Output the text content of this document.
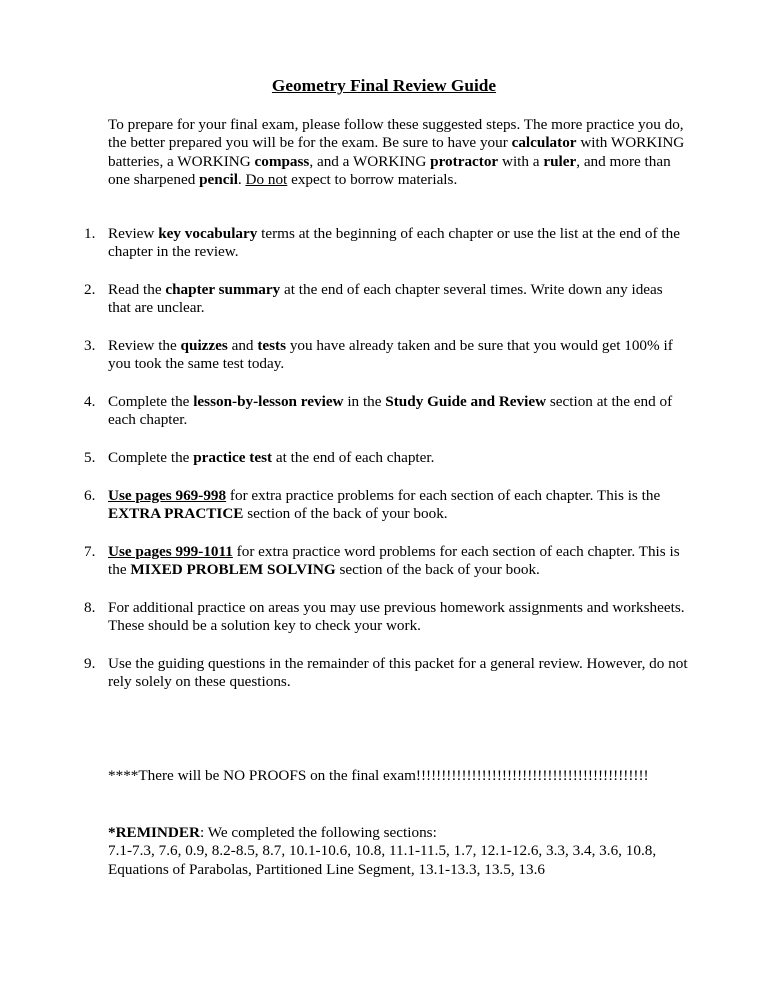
Geometry Final Review Guide

To prepare for your final exam, please follow these suggested steps. The more practice you do, the better prepared you will be for the exam. Be sure to have your calculator with WORKING batteries, a WORKING compass, and a WORKING protractor with a ruler, and more than one sharpened pencil. Do not expect to borrow materials.

1. Review key vocabulary terms at the beginning of each chapter or use the list at the end of the chapter in the review.
2. Read the chapter summary at the end of each chapter several times. Write down any ideas that are unclear.
3. Review the quizzes and tests you have already taken and be sure that you would get 100% if you took the same test today.
4. Complete the lesson-by-lesson review in the Study Guide and Review section at the end of each chapter.
5. Complete the practice test at the end of each chapter.
6. Use pages 969-998 for extra practice problems for each section of each chapter. This is the EXTRA PRACTICE section of the back of your book.
7. Use pages 999-1011 for extra practice word problems for each section of each chapter. This is the MIXED PROBLEM SOLVING section of the back of your book.
8. For additional practice on areas you may use previous homework assignments and worksheets. These should be a solution key to check your work.
9. Use the guiding questions in the remainder of this packet for a general review. However, do not rely solely on these questions.
****There will be NO PROOFS on the final exam!!!!!!!!!!!!!!!!!!!!!!!!!!!!!!!!!!!!!!!!!!!!!!
*REMINDER: We completed the following sections:
7.1-7.3, 7.6, 0.9, 8.2-8.5, 8.7, 10.1-10.6, 10.8, 11.1-11.5, 1.7, 12.1-12.6, 3.3, 3.4, 3.6, 10.8, Equations of Parabolas, Partitioned Line Segment, 13.1-13.3, 13.5, 13.6
